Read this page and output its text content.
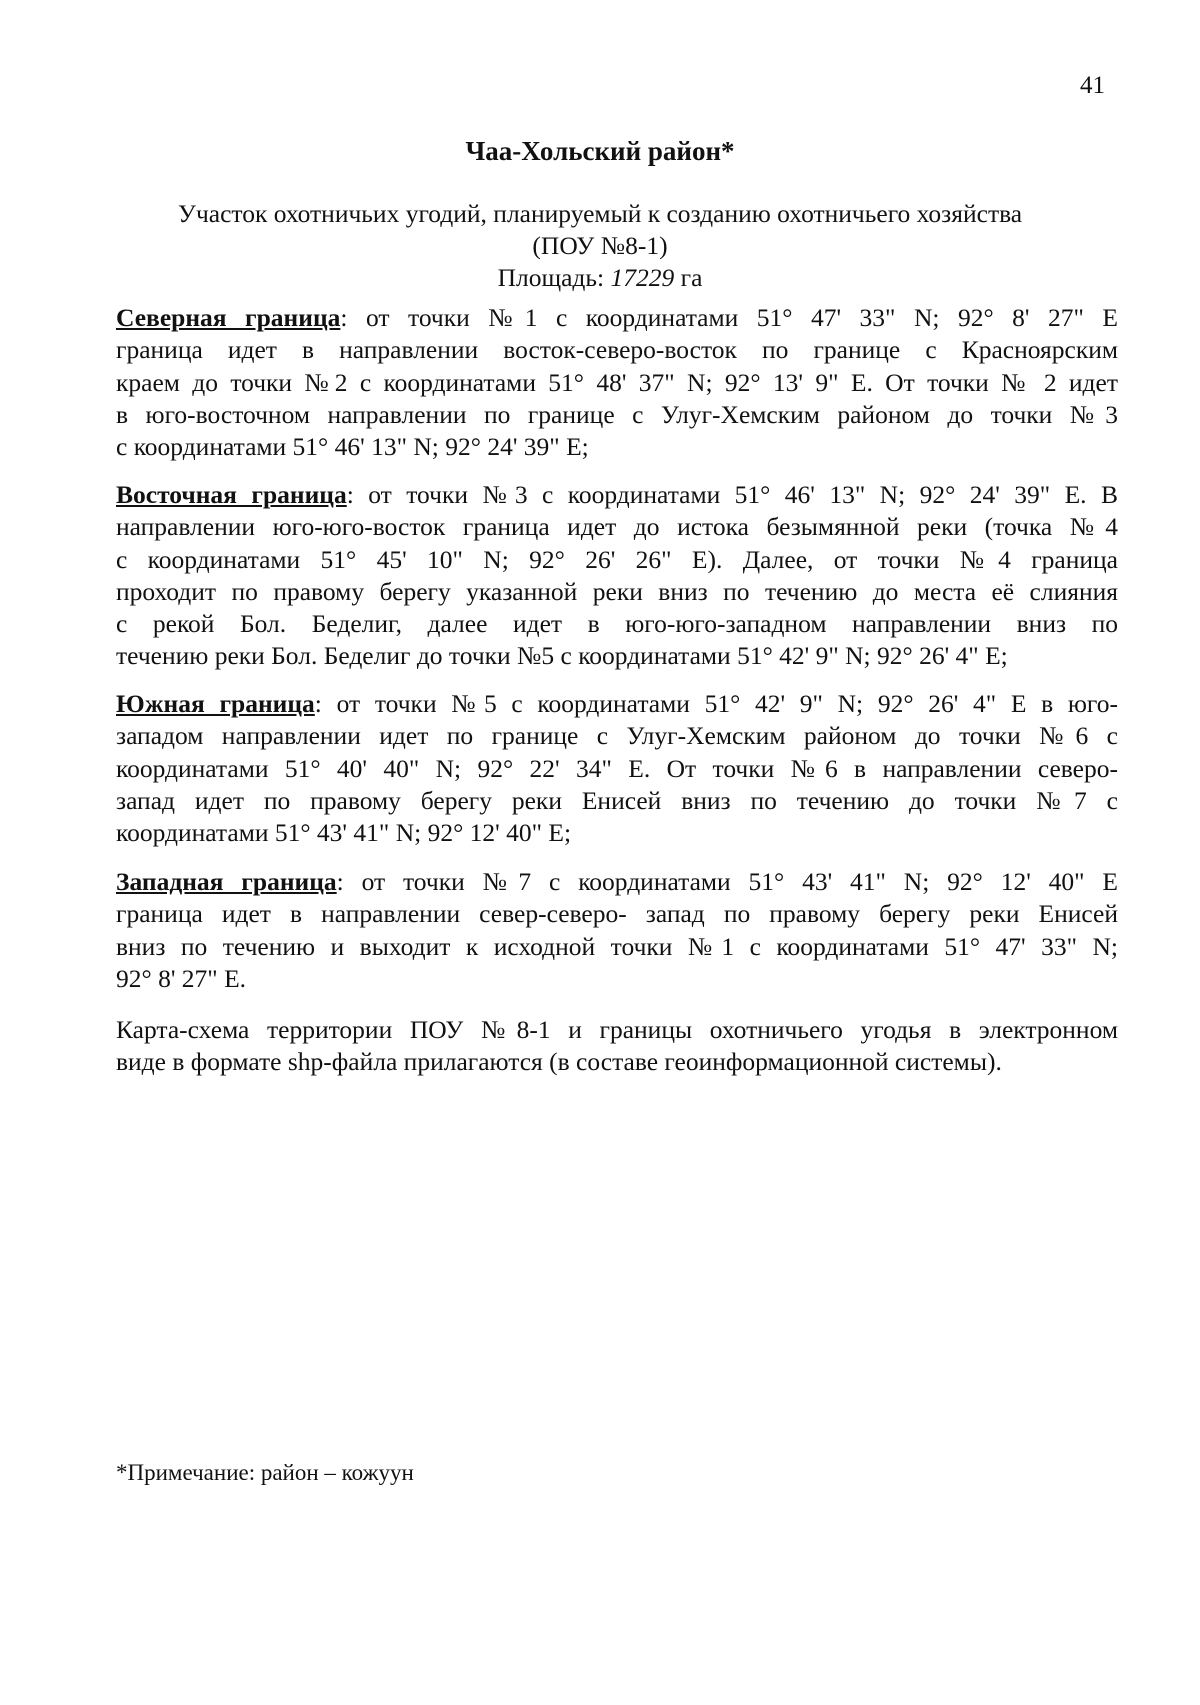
41
Чаа-Хольский район*
Участок охотничьих угодий, планируемый к созданию охотничьего хозяйства
(ПОУ №8-1)
Площадь: 17229 га
Северная граница: от точки №1 с координатами 51° 47' 33" N; 92° 8' 27" E
граница идет в направлении восток-северо-восток по границе с Красноярским
краем до точки №2 с координатами 51° 48' 37" N; 92° 13' 9" E. От точки № 2 идет
в юго-восточном направлении по границе с Улуг-Хемским районом до точки №3
с координатами 51° 46' 13" N; 92° 24' 39" E;
Восточная граница: от точки №3 с координатами 51° 46' 13" N; 92° 24' 39" E. В
направлении юго-юго-восток граница идет до истока безымянной реки (точка №4
с координатами 51° 45' 10" N; 92° 26' 26" E). Далее, от точки №4 граница
проходит по правому берегу указанной реки вниз по течению до места её слияния
с рекой Бол. Беделиг, далее идет в юго-юго-западном направлении вниз по
течению реки Бол. Беделиг до точки №5 с координатами 51° 42' 9" N; 92° 26' 4" E;
Южная граница: от точки №5 с координатами 51° 42' 9" N; 92° 26' 4" E в юго-
западом направлении идет по границе с Улуг-Хемским районом до точки №6 с
координатами 51° 40' 40" N; 92° 22' 34" E. От точки №6 в направлении северо-
запад идет по правому берегу реки Енисей вниз по течению до точки №7 с
координатами 51° 43' 41" N; 92° 12' 40" E;
Западная граница: от точки №7 с координатами 51° 43' 41" N; 92° 12' 40" E
граница идет в направлении север-северо- запад по правому берегу реки Енисей
вниз по течению и выходит к исходной точки №1 с координатами 51° 47' 33" N;
92° 8' 27" E.
Карта-схема территории ПОУ №8-1 и границы охотничьего угодья в электронном
виде в формате shp-файла прилагаются (в составе геоинформационной системы).
*Примечание: район – кожуун
